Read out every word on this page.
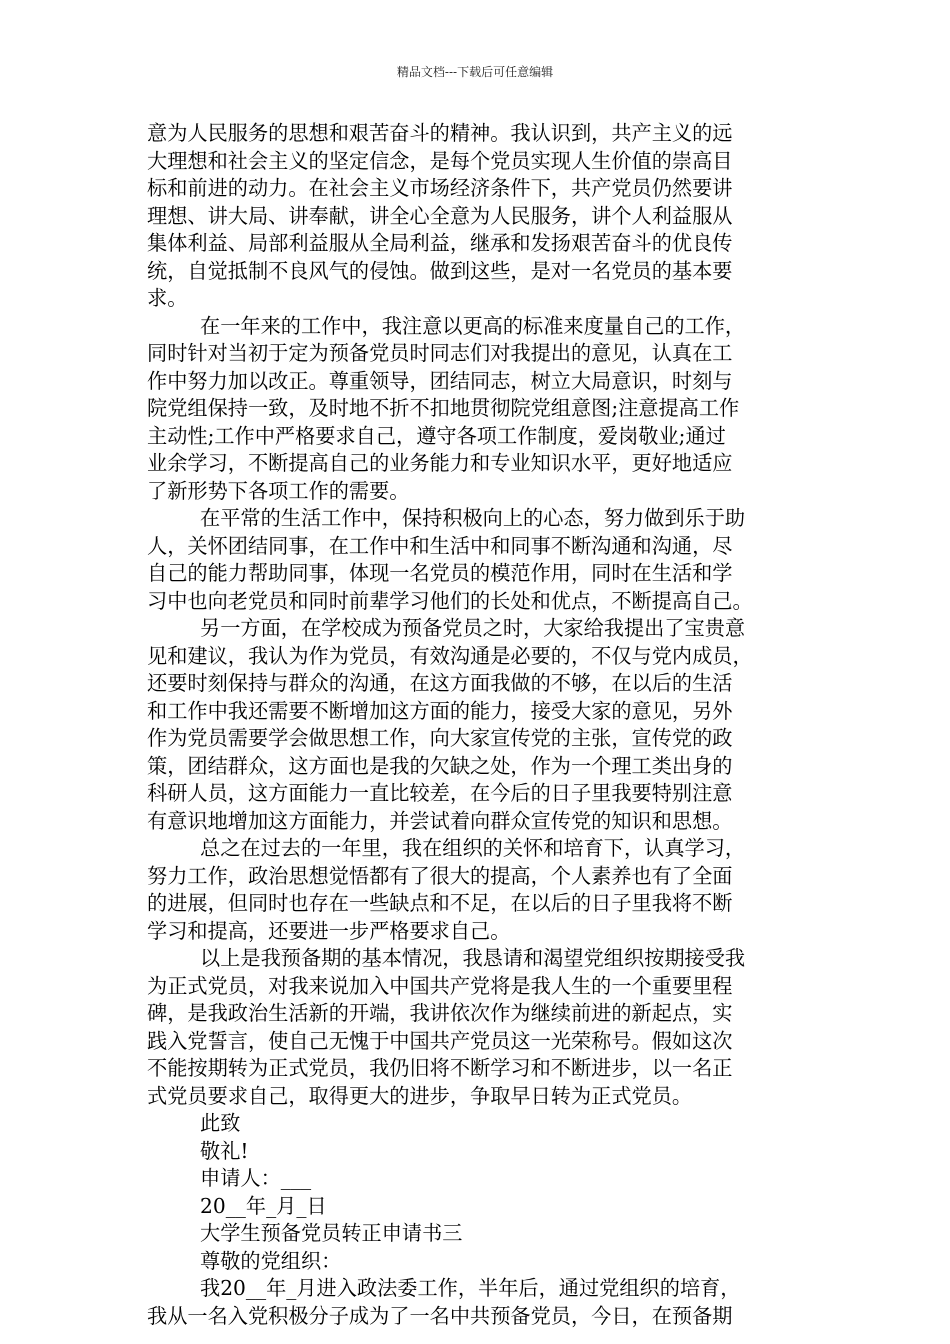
精品文档---下载后可任意编辑
意为人民服务的思想和艰苦奋斗的精神。我认识到，共产主义的远
大理想和社会主义的坚定信念，是每个党员实现人生价值的崇高目
标和前进的动力。在社会主义市场经济条件下，共产党员仍然要讲
理想、讲大局、讲奉献，讲全心全意为人民服务，讲个人利益服从
集体利益、局部利益服从全局利益，继承和发扬艰苦奋斗的优良传
统，自觉抵制不良风气的侵蚀。做到这些，是对一名党员的基本要
求。
在一年来的工作中，我注意以更高的标准来度量自己的工作，
同时针对当初于定为预备党员时同志们对我提出的意见，认真在工
作中努力加以改正。尊重领导，团结同志，树立大局意识，时刻与
院党组保持一致，及时地不折不扣地贯彻院党组意图;注意提高工作
主动性;工作中严格要求自己，遵守各项工作制度，爱岗敬业;通过
业余学习，不断提高自己的业务能力和专业知识水平，更好地适应
了新形势下各项工作的需要。
在平常的生活工作中，保持积极向上的心态，努力做到乐于助
人，关怀团结同事，在工作中和生活中和同事不断沟通和沟通，尽
自己的能力帮助同事，体现一名党员的模范作用，同时在生活和学
习中也向老党员和同时前辈学习他们的长处和优点，不断提高自己。
另一方面，在学校成为预备党员之时，大家给我提出了宝贵意
见和建议，我认为作为党员，有效沟通是必要的，不仅与党内成员，
还要时刻保持与群众的沟通，在这方面我做的不够，在以后的生活
和工作中我还需要不断增加这方面的能力，接受大家的意见，另外
作为党员需要学会做思想工作，向大家宣传党的主张，宣传党的政
策，团结群众，这方面也是我的欠缺之处，作为一个理工类出身的
科研人员，这方面能力一直比较差，在今后的日子里我要特别注意
有意识地增加这方面能力，并尝试着向群众宣传党的知识和思想。
总之在过去的一年里，我在组织的关怀和培育下，认真学习，
努力工作，政治思想觉悟都有了很大的提高，个人素养也有了全面
的进展，但同时也存在一些缺点和不足，在以后的日子里我将不断
学习和提高，还要进一步严格要求自己。
以上是我预备期的基本情况，我恳请和渴望党组织按期接受我
为正式党员，对我来说加入中国共产党将是我人生的一个重要里程
碑，是我政治生活新的开端，我讲依次作为继续前进的新起点，实
践入党誓言，使自己无愧于中国共产党员这一光荣称号。假如这次
不能按期转为正式党员，我仍旧将不断学习和不断进步，以一名正
式党员要求自己，取得更大的进步，争取早日转为正式党员。
此致
敬礼!
申请人：___
20__年_月_日
大学生预备党员转正申请书三
尊敬的党组织：
我20__年_月进入政法委工作，半年后，通过党组织的培育，
我从一名入党积极分子成为了一名中共预备党员，今日，在预备期
